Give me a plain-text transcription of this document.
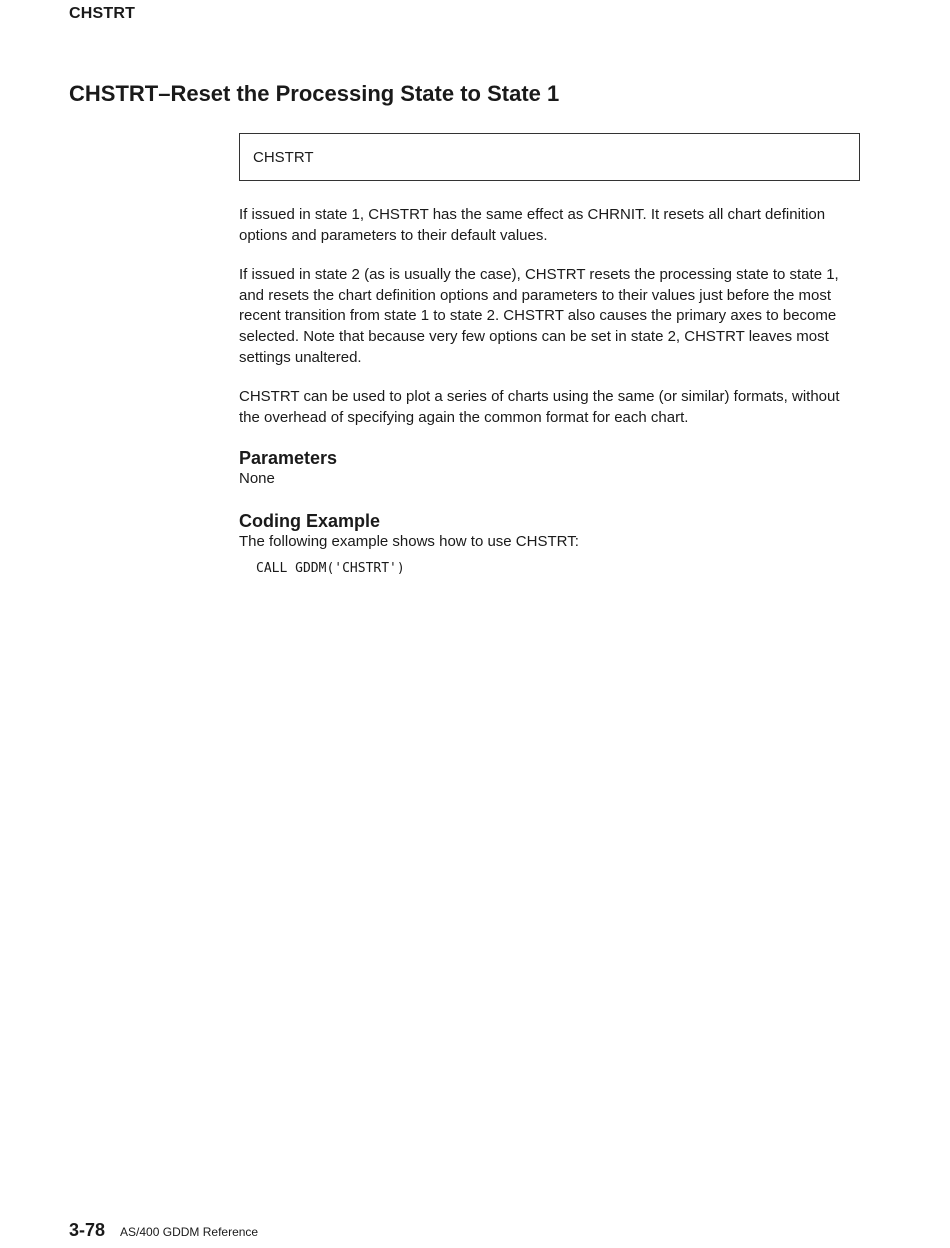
CHSTRT
CHSTRT–Reset the Processing State to State 1
CHSTRT

If issued in state 1, CHSTRT has the same effect as CHRNIT. It resets all chart definition options and parameters to their default values.

If issued in state 2 (as is usually the case), CHSTRT resets the processing state to state 1, and resets the chart definition options and parameters to their values just before the most recent transition from state 1 to state 2. CHSTRT also causes the primary axes to become selected. Note that because very few options can be set in state 2, CHSTRT leaves most settings unaltered.

CHSTRT can be used to plot a series of charts using the same (or similar) formats, without the overhead of specifying again the common format for each chart.

Parameters
None
Coding Example
The following example shows how to use CHSTRT:
CALL GDDM('CHSTRT')
3-78 AS/400 GDDM Reference
